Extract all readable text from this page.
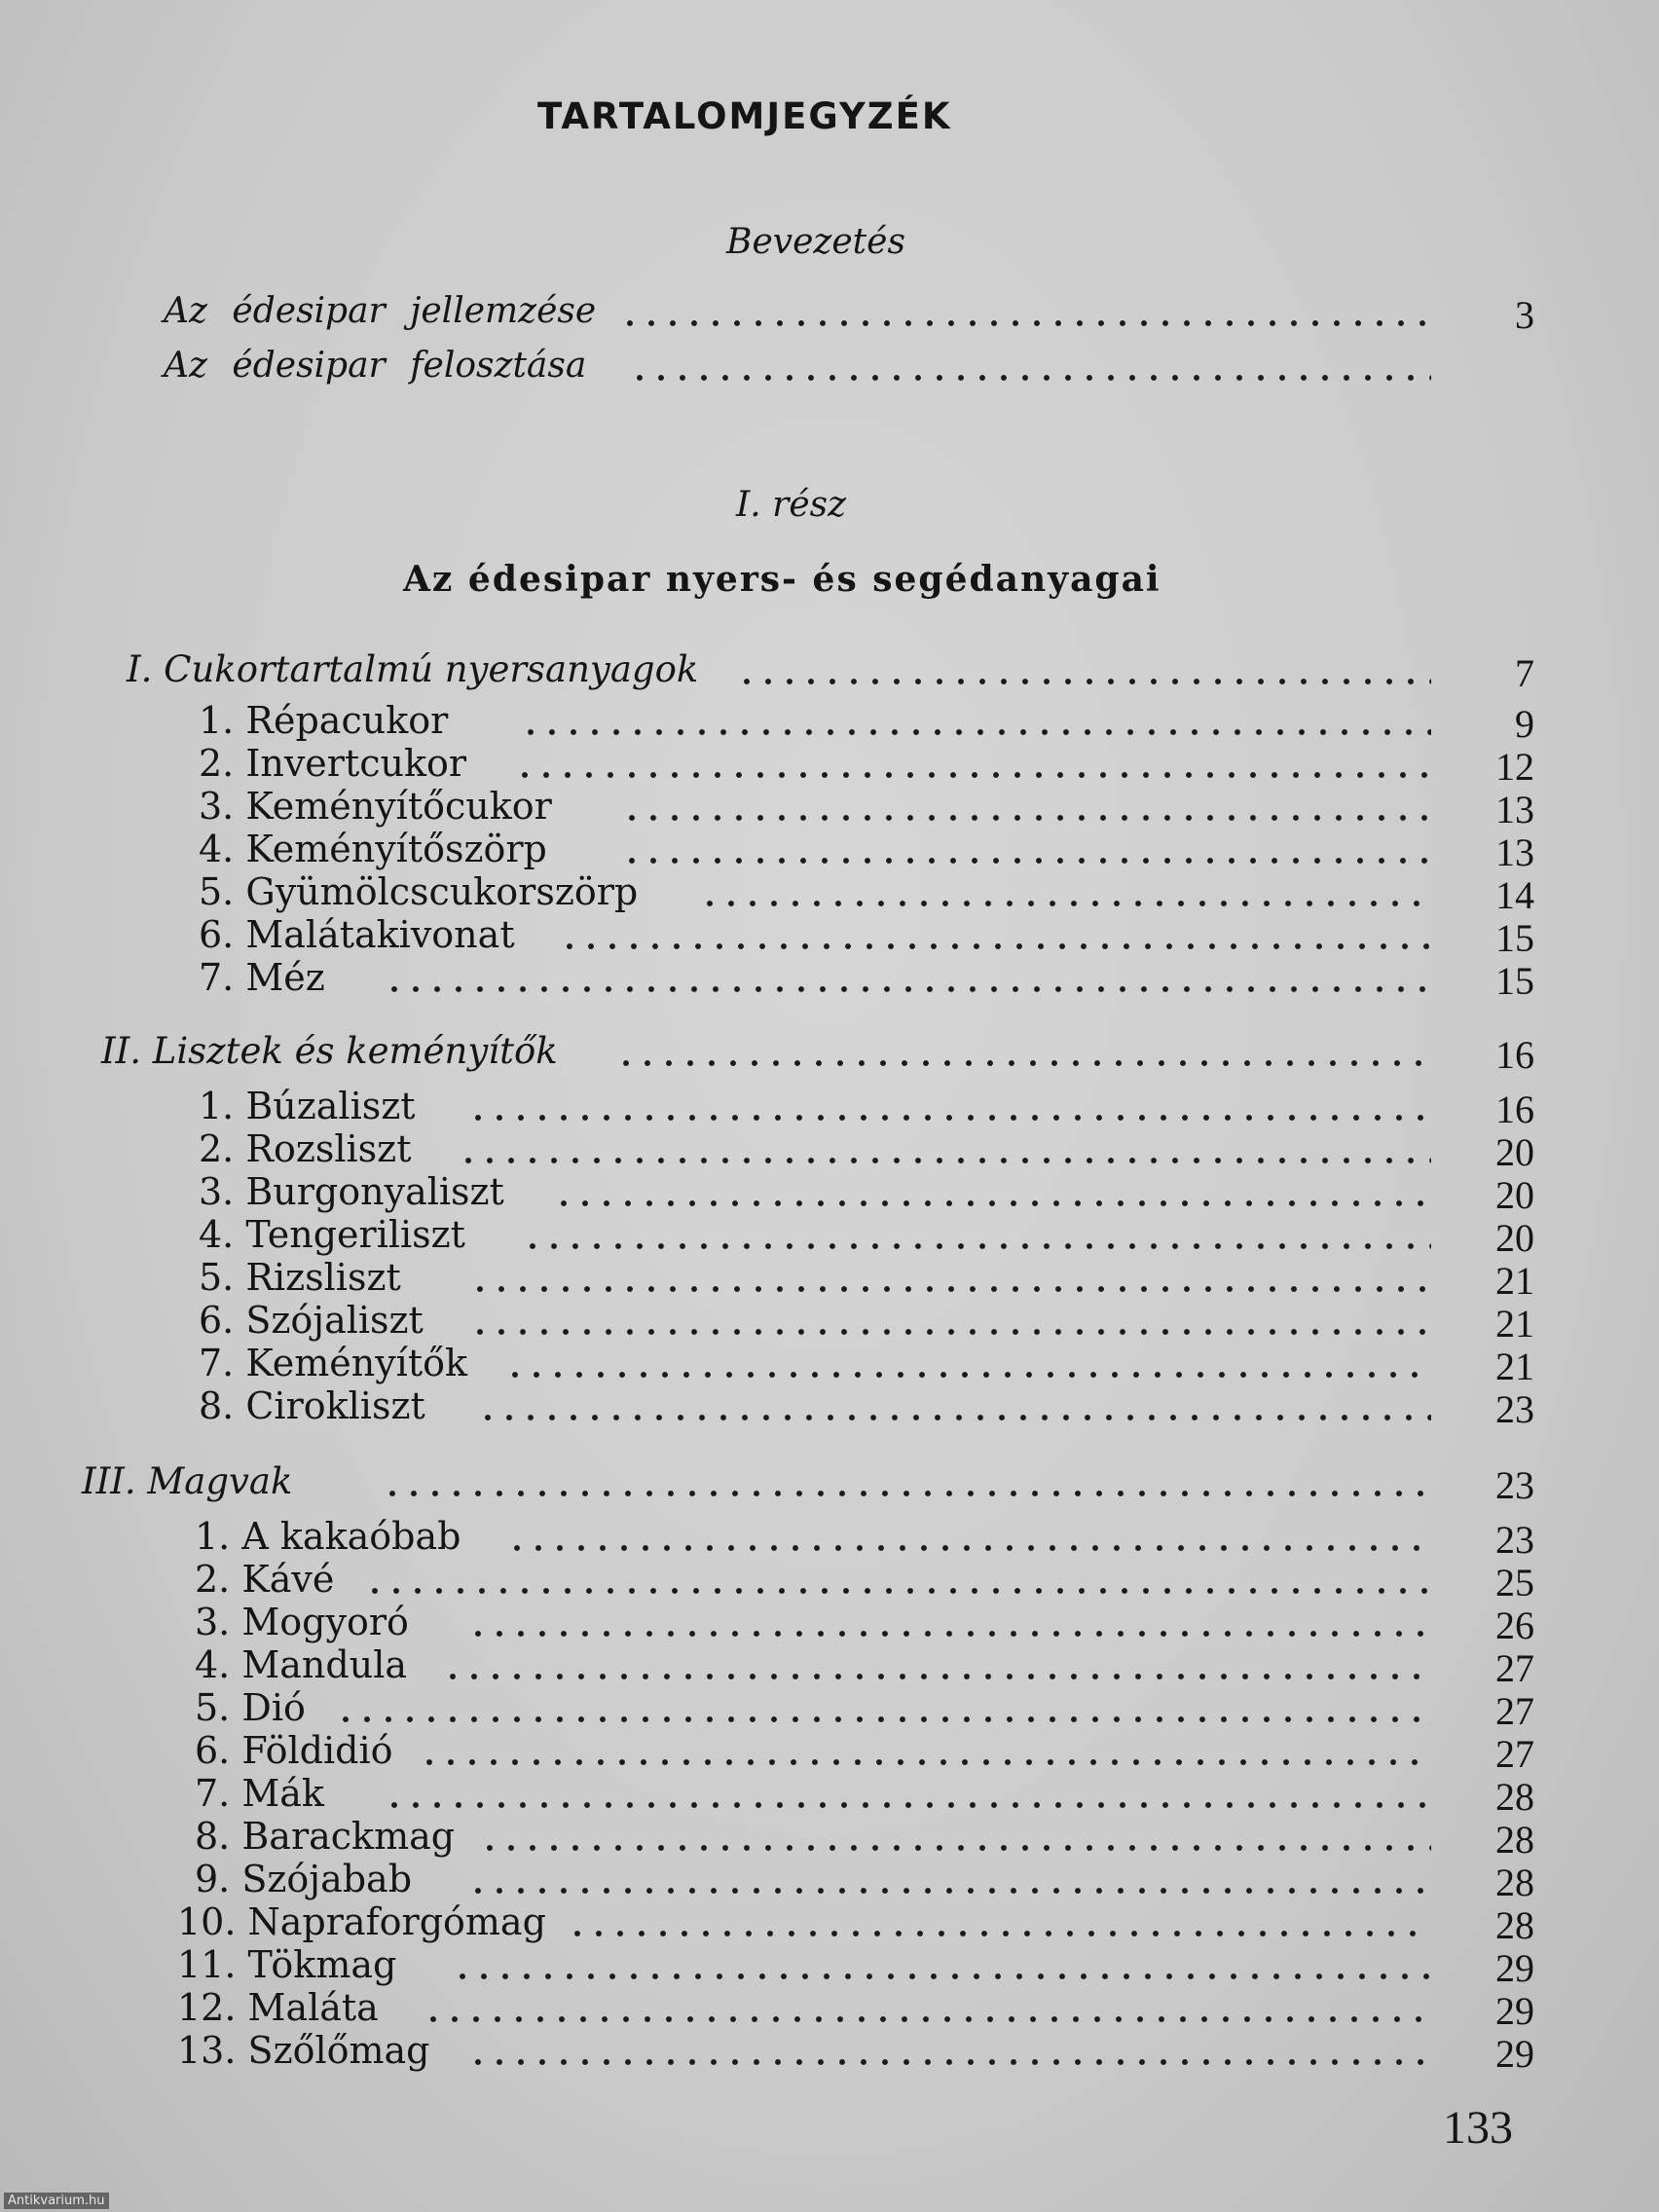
TARTALOMJEGYZÉK
Bevezetés
Az édesipar jellemzése	3
Az édesipar felosztása
I. rész
Az édesipar nyers- és segédanyagai
I. Cukortartalmú nyersanyagok	7
1. Répacukor	9
2. Invertcukor	12
3. Keményítőcukor	13
4. Keményítőszörp	13
5. Gyümölcscukorszörp	14
6. Malátakivonat	15
7. Méz	15
II. Lisztek és keményítők	16
1. Búzaliszt	16
2. Rozsliszt	20
3. Burgonyaliszt	20
4. Tengeriliszt	20
5. Rizsliszt	21
6. Szójaliszt	21
7. Keményítők	21
8. Cirokliszt	23
III. Magvak	23
1. A kakaóbab	23
2. Kávé	25
3. Mogyoró	26
4. Mandula	27
5. Dió	27
6. Földidió	27
7. Mák	28
8. Barackmag	28
9. Szójabab	28
10. Napraforgómag	28
11. Tökmag	29
12. Maláta	29
13. Szőlőmag	29
133
Antikvarium.hu
